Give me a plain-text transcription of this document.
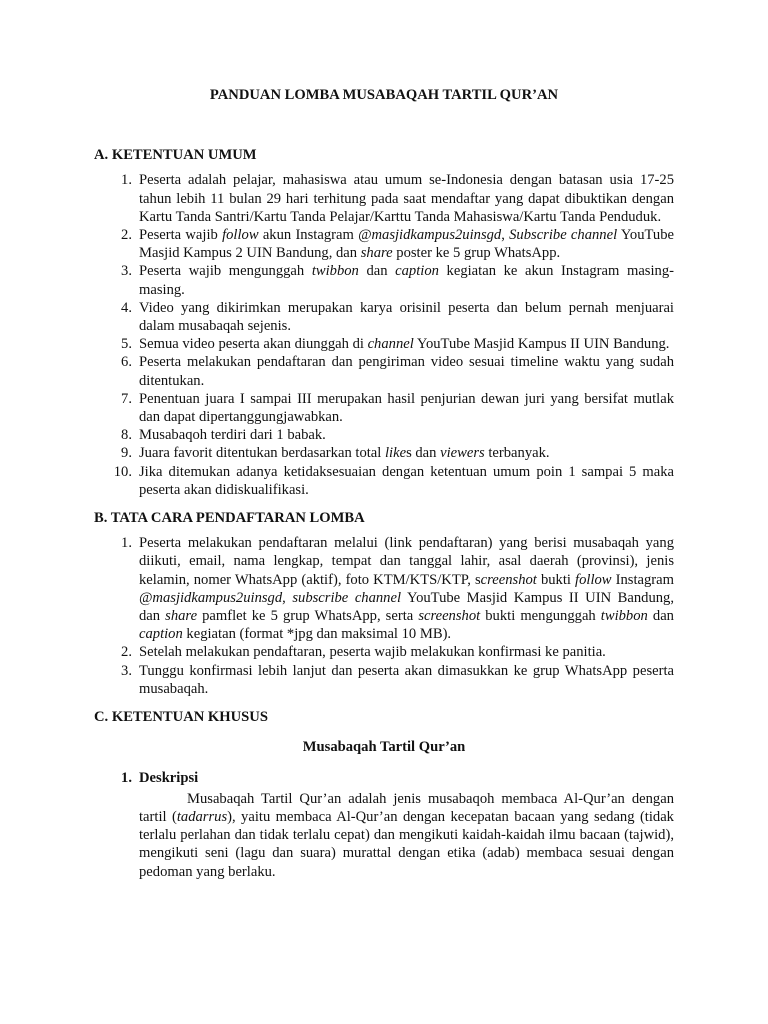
PANDUAN LOMBA MUSABAQAH TARTIL QUR’AN
A. KETENTUAN UMUM
1. Peserta adalah pelajar, mahasiswa atau umum se-Indonesia dengan batasan usia 17-25 tahun lebih 11 bulan 29 hari terhitung pada saat mendaftar yang dapat dibuktikan dengan Kartu Tanda Santri/Kartu Tanda Pelajar/Karttu Tanda Mahasiswa/Kartu Tanda Penduduk.
2. Peserta wajib follow akun Instagram @masjidkampus2uinsgd, Subscribe channel YouTube Masjid Kampus 2 UIN Bandung, dan share poster ke 5 grup WhatsApp.
3. Peserta wajib mengunggah twibbon dan caption kegiatan ke akun Instagram masing-masing.
4. Video yang dikirimkan merupakan karya orisinil peserta dan belum pernah menjuarai dalam musabaqah sejenis.
5. Semua video peserta akan diunggah di channel YouTube Masjid Kampus II UIN Bandung.
6. Peserta melakukan pendaftaran dan pengiriman video sesuai timeline waktu yang sudah ditentukan.
7. Penentuan juara I sampai III merupakan hasil penjurian dewan juri yang bersifat mutlak dan dapat dipertanggungjawabkan.
8. Musabaqoh terdiri dari 1 babak.
9. Juara favorit ditentukan berdasarkan total likes dan viewers terbanyak.
10. Jika ditemukan adanya ketidaksesuaian dengan ketentuan umum poin 1 sampai 5 maka peserta akan didiskualifikasi.
B. TATA CARA PENDAFTARAN LOMBA
1. Peserta melakukan pendaftaran melalui (link pendaftaran) yang berisi musabaqah yang diikuti, email, nama lengkap, tempat dan tanggal lahir, asal daerah (provinsi), jenis kelamin, nomer WhatsApp (aktif), foto KTM/KTS/KTP, screenshot bukti follow Instagram @masjidkampus2uinsgd, subscribe channel YouTube Masjid Kampus II UIN Bandung, dan share pamflet ke 5 grup WhatsApp, serta screenshot bukti mengunggah twibbon dan caption kegiatan (format *jpg dan maksimal 10 MB).
2. Setelah melakukan pendaftaran, peserta wajib melakukan konfirmasi ke panitia.
3. Tunggu konfirmasi lebih lanjut dan peserta akan dimasukkan ke grup WhatsApp peserta musabaqah.
C. KETENTUAN KHUSUS
Musabaqah Tartil Qur’an
1. Deskripsi
Musabaqah Tartil Qur’an adalah jenis musabaqoh membaca Al-Qur’an dengan tartil (tadarrus), yaitu membaca Al-Qur’an dengan kecepatan bacaan yang sedang (tidak terlalu perlahan dan tidak terlalu cepat) dan mengikuti kaidah-kaidah ilmu bacaan (tajwid), mengikuti seni (lagu dan suara) murattal dengan etika (adab) membaca sesuai dengan pedoman yang berlaku.
